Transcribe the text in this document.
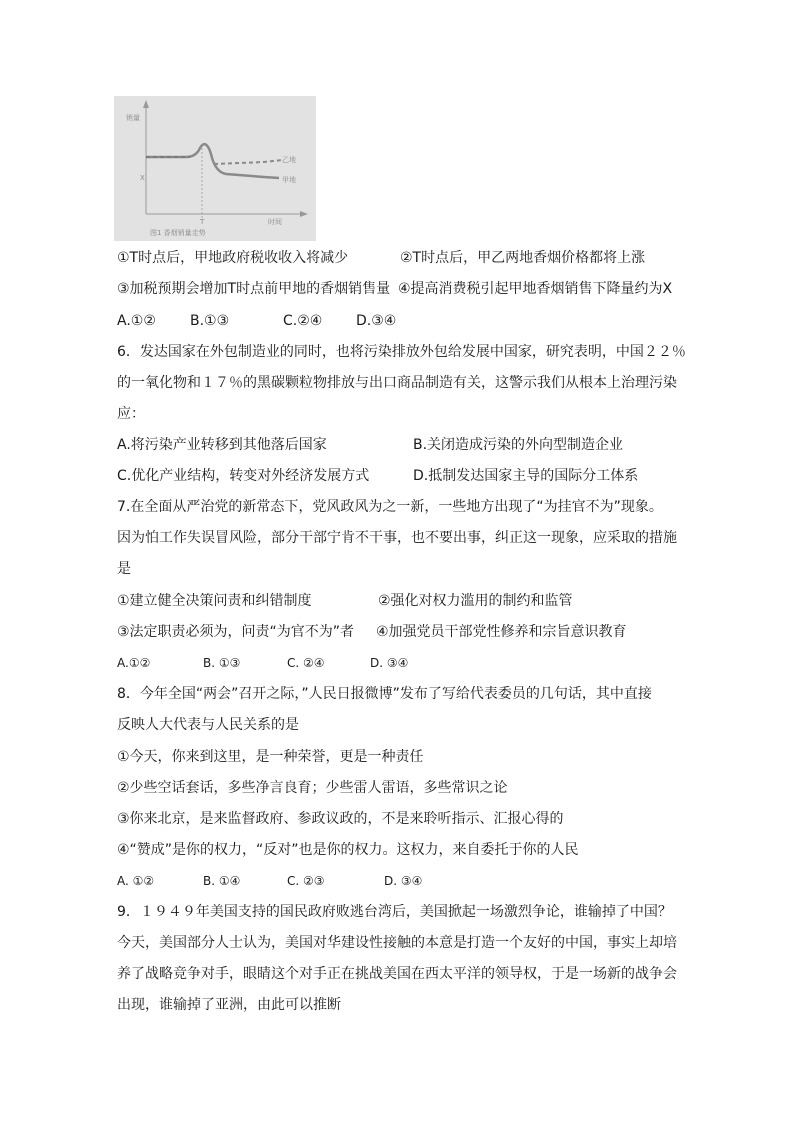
销量
X
T
乙地
甲地
时间
图1 香烟销量走势
①T时点后，甲地政府税收收入将减少	②T时点后，甲乙两地香烟价格都将上涨
③加税预期会增加T时点前甲地的香烟销售量 ④提高消费税引起甲地香烟销售下降量约为X
A.①② B.①③	C.②④ D.③④
6．发达国家在外包制造业的同时，也将污染排放外包给发展中国家，研究表明，中国２２％
的一氧化物和１７％的黑碳颗粒物排放与出口商品制造有关，这警示我们从根本上治理污染
应：
A.将污染产业转移到其他落后国家	B.关闭造成污染的外向型制造企业
C.优化产业结构，转变对外经济发展方式	D.抵制发达国家主导的国际分工体系
7.在全面从严治党的新常态下，党风政风为之一新，一些地方出现了“为挂官不为”现象。
因为怕工作失误冒风险，部分干部宁肯不干事，也不要出事，纠正这一现象，应采取的措施
是
①建立健全决策问责和纠错制度	②强化对权力滥用的制约和监管
③法定职责必须为，问责“为官不为”者 ④加强党员干部党性修养和宗旨意识教育
A.①②	B. ①③	C. ②④	D. ③④
8．今年全国“两会”召开之际，”人民日报微博”发布了写给代表委员的几句话，其中直接
反映人大代表与人民关系的是
①今天，你来到这里，是一种荣誉，更是一种责任
②少些空话套话，多些净言良育；少些雷人雷语，多些常识之论
③你来北京，是来监督政府、参政议政的，不是来聆听指示、汇报心得的
④“赞成”是你的权力，“反对”也是你的权力。这权力，来自委托于你的人民
A. ①②	B. ①④	C. ②③	D. ③④
9．１９４９年美国支持的国民政府败逃台湾后，美国掀起一场激烈争论，谁输掉了中国？
今天，美国部分人士认为，美国对华建设性接触的本意是打造一个友好的中国，事实上却培
养了战略竞争对手，眼睛这个对手正在挑战美国在西太平洋的领导权，于是一场新的战争会
出现，谁输掉了亚洲，由此可以推断
